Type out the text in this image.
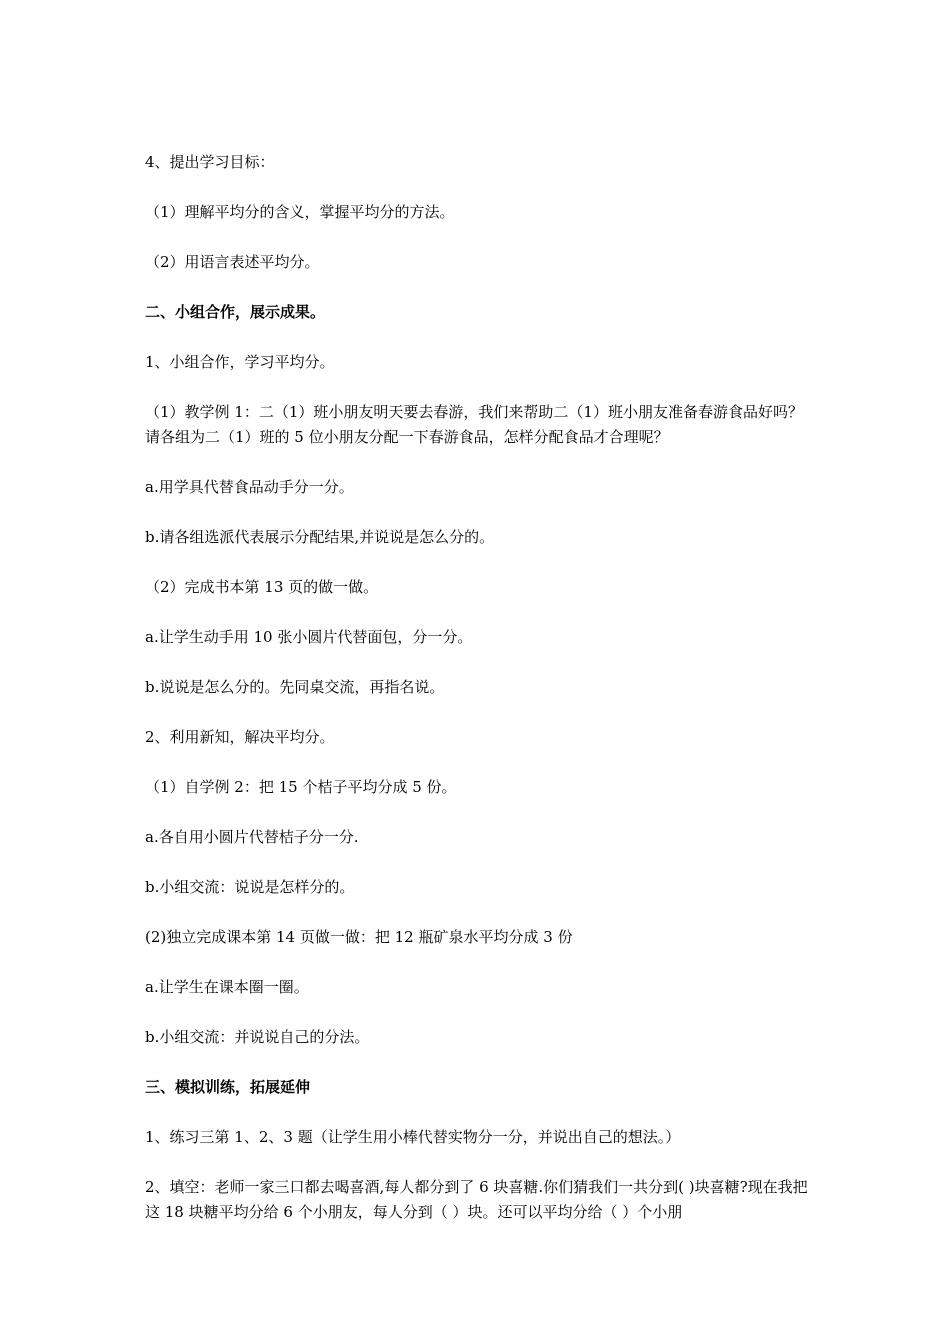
4、提出学习目标：

（1）理解平均分的含义，掌握平均分的方法。

（2）用语言表述平均分。

二、小组合作，展示成果。

1、小组合作，学习平均分。

（1）教学例 1：二（1）班小朋友明天要去春游，我们来帮助二（1）班小朋友准备春游食品好吗？请各组为二（1）班的 5 位小朋友分配一下春游食品，怎样分配食品才合理呢？

a.用学具代替食品动手分一分。

b.请各组选派代表展示分配结果,并说说是怎么分的。

（2）完成书本第 13 页的做一做。

a.让学生动手用 10 张小圆片代替面包，分一分。

b.说说是怎么分的。先同桌交流，再指名说。

2、利用新知，解决平均分。

（1）自学例 2：把 15 个桔子平均分成 5 份。

a.各自用小圆片代替桔子分一分.

b.小组交流：说说是怎样分的。

(2)独立完成课本第 14 页做一做：把 12 瓶矿泉水平均分成 3 份

a.让学生在课本圈一圈。

b.小组交流：并说说自己的分法。

三、模拟训练，拓展延伸

1、练习三第 1、2、3 题（让学生用小棒代替实物分一分，并说出自己的想法。）

2、填空：老师一家三口都去喝喜酒,每人都分到了 6 块喜糖.你们猜我们一共分到( )块喜糖?现在我把这 18 块糖平均分给 6 个小朋友，每人分到（ ）块。还可以平均分给（ ）个小朋
